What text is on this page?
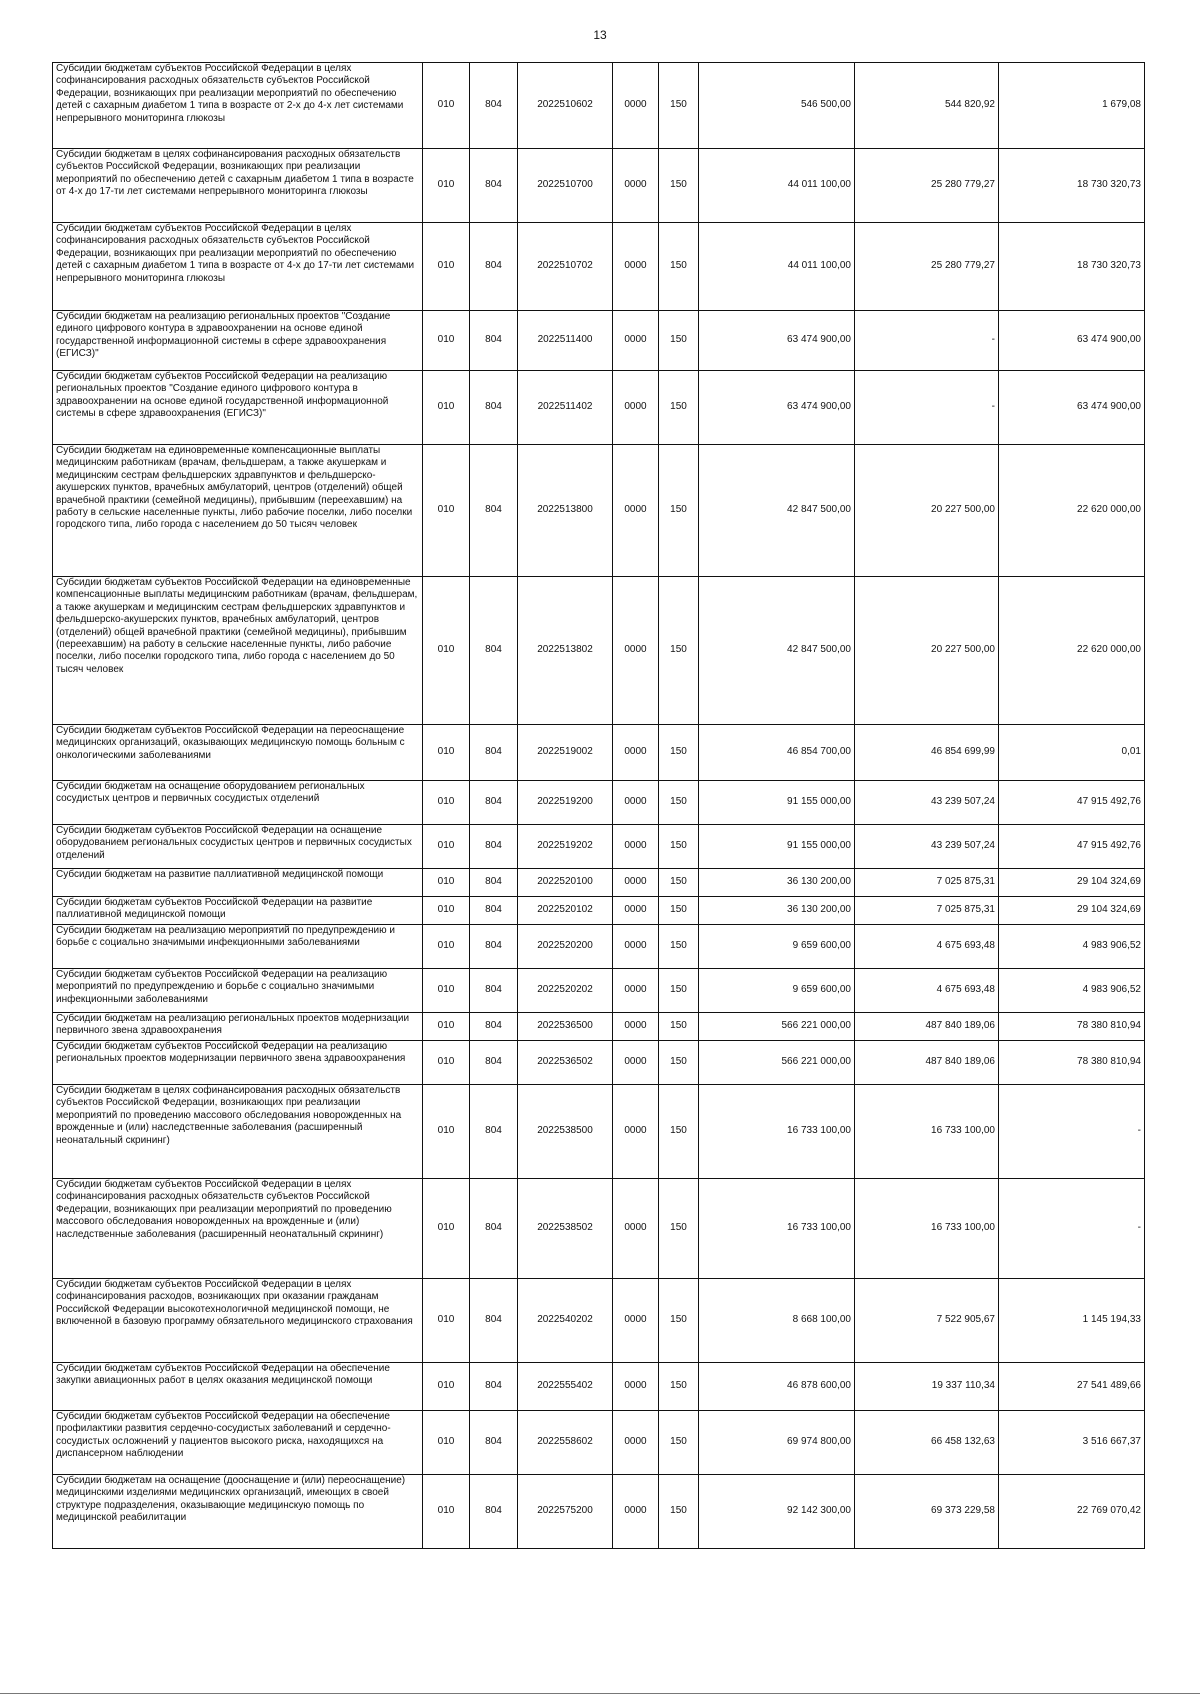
13
Субсидии бюджетам субъектов Российской Федерации в целях софинансирования расходных обязательств субъектов Российской Федерации, возникающих при реализации мероприятий по обеспечению детей с сахарным диабетом 1 типа в возрасте от 2-х до 4-х лет системами непрерывного мониторинга глюкозы	010	804	2022510602	0000	150	546 500,00	544 820,92	1 679,08
Субсидии бюджетам в целях софинансирования расходных обязательств субъектов Российской Федерации, возникающих при реализации мероприятий по обеспечению детей с сахарным диабетом 1 типа в возрасте от 4-х до 17-ти лет системами непрерывного мониторинга глюкозы	010	804	2022510700	0000	150	44 011 100,00	25 280 779,27	18 730 320,73
Субсидии бюджетам субъектов Российской Федерации в целях софинансирования расходных обязательств субъектов Российской Федерации, возникающих при реализации мероприятий по обеспечению детей с сахарным диабетом 1 типа в возрасте от 4-х до 17-ти лет системами непрерывного мониторинга глюкозы	010	804	2022510702	0000	150	44 011 100,00	25 280 779,27	18 730 320,73
Субсидии бюджетам на реализацию региональных проектов "Создание единого цифрового контура в здравоохранении на основе единой государственной информационной системы в сфере здравоохранения (ЕГИСЗ)"	010	804	2022511400	0000	150	63 474 900,00	-	63 474 900,00
Субсидии бюджетам субъектов Российской Федерации на реализацию региональных проектов "Создание единого цифрового контура в здравоохранении на основе единой государственной информационной системы в сфере здравоохранения (ЕГИСЗ)"	010	804	2022511402	0000	150	63 474 900,00	-	63 474 900,00
Субсидии бюджетам на единовременные компенсационные выплаты медицинским работникам (врачам, фельдшерам, а также акушеркам и медицинским сестрам фельдшерских здравпунктов и фельдшерско-акушерских пунктов, врачебных амбулаторий, центров (отделений) общей врачебной практики (семейной медицины), прибывшим (переехавшим) на работу в сельские населенные пункты, либо рабочие поселки, либо поселки городского типа, либо города с населением до 50 тысяч человек	010	804	2022513800	0000	150	42 847 500,00	20 227 500,00	22 620 000,00
Субсидии бюджетам субъектов Российской Федерации на единовременные компенсационные выплаты медицинским работникам (врачам, фельдшерам, а также акушеркам и медицинским сестрам фельдшерских здравпунктов и фельдшерско-акушерских пунктов, врачебных амбулаторий, центров (отделений) общей врачебной практики (семейной медицины), прибывшим (переехавшим) на работу в сельские населенные пункты, либо рабочие поселки, либо поселки городского типа, либо города с населением до 50 тысяч человек	010	804	2022513802	0000	150	42 847 500,00	20 227 500,00	22 620 000,00
Субсидии бюджетам субъектов Российской Федерации на переоснащение медицинских организаций, оказывающих медицинскую помощь больным с онкологическими заболеваниями	010	804	2022519002	0000	150	46 854 700,00	46 854 699,99	0,01
Субсидии бюджетам на оснащение оборудованием региональных сосудистых центров и первичных сосудистых отделений	010	804	2022519200	0000	150	91 155 000,00	43 239 507,24	47 915 492,76
Субсидии бюджетам субъектов Российской Федерации на оснащение оборудованием региональных сосудистых центров и первичных сосудистых отделений	010	804	2022519202	0000	150	91 155 000,00	43 239 507,24	47 915 492,76
Субсидии бюджетам на развитие паллиативной медицинской помощи	010	804	2022520100	0000	150	36 130 200,00	7 025 875,31	29 104 324,69
Субсидии бюджетам субъектов Российской Федерации на развитие паллиативной медицинской помощи	010	804	2022520102	0000	150	36 130 200,00	7 025 875,31	29 104 324,69
Субсидии бюджетам на реализацию мероприятий по предупреждению и борьбе с социально значимыми инфекционными заболеваниями	010	804	2022520200	0000	150	9 659 600,00	4 675 693,48	4 983 906,52
Субсидии бюджетам субъектов Российской Федерации на реализацию мероприятий по предупреждению и борьбе с социально значимыми инфекционными заболеваниями	010	804	2022520202	0000	150	9 659 600,00	4 675 693,48	4 983 906,52
Субсидии бюджетам на реализацию региональных проектов модернизации первичного звена здравоохранения	010	804	2022536500	0000	150	566 221 000,00	487 840 189,06	78 380 810,94
Субсидии бюджетам субъектов Российской Федерации на реализацию региональных проектов модернизации первичного звена здравоохранения	010	804	2022536502	0000	150	566 221 000,00	487 840 189,06	78 380 810,94
Субсидии бюджетам в целях софинансирования расходных обязательств субъектов Российской Федерации, возникающих при реализации мероприятий по проведению массового обследования новорожденных на врожденные и (или) наследственные заболевания (расширенный неонатальный скрининг)	010	804	2022538500	0000	150	16 733 100,00	16 733 100,00	-
Субсидии бюджетам субъектов Российской Федерации в целях софинансирования расходных обязательств субъектов Российской Федерации, возникающих при реализации мероприятий по проведению массового обследования новорожденных на врожденные и (или) наследственные заболевания (расширенный неонатальный скрининг)	010	804	2022538502	0000	150	16 733 100,00	16 733 100,00	-
Субсидии бюджетам субъектов Российской Федерации в целях софинансирования расходов, возникающих при оказании гражданам Российской Федерации высокотехнологичной медицинской помощи, не включенной в базовую программу обязательного медицинского страхования	010	804	2022540202	0000	150	8 668 100,00	7 522 905,67	1 145 194,33
Субсидии бюджетам субъектов Российской Федерации на обеспечение закупки авиационных работ в целях оказания медицинской помощи	010	804	2022555402	0000	150	46 878 600,00	19 337 110,34	27 541 489,66
Субсидии бюджетам субъектов Российской Федерации на обеспечение профилактики развития сердечно-сосудистых заболеваний и сердечно-сосудистых осложнений у пациентов высокого риска, находящихся на диспансерном наблюдении	010	804	2022558602	0000	150	69 974 800,00	66 458 132,63	3 516 667,37
Субсидии бюджетам на оснащение (дооснащение и (или) переоснащение) медицинскими изделиями медицинских организаций, имеющих в своей структуре подразделения, оказывающие медицинскую помощь по медицинской реабилитации	010	804	2022575200	0000	150	92 142 300,00	69 373 229,58	22 769 070,42
